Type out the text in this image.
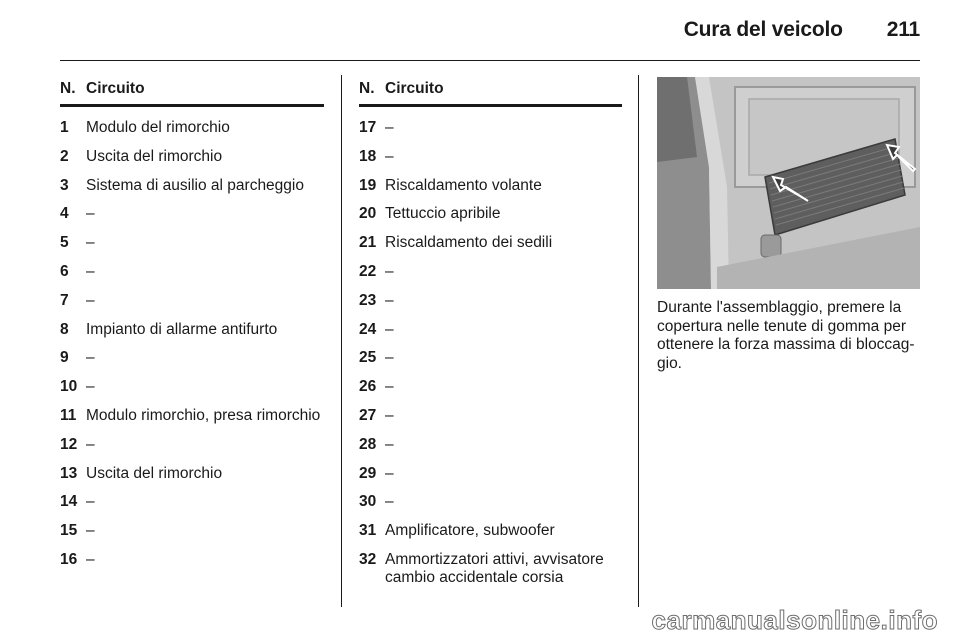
Cura del veicolo 211
N. Circuito
1	Modulo del rimorchio
2	Uscita del rimorchio
3	Sistema di ausilio al parcheggio
4	–
5	–
6	–
7	–
8	Impianto di allarme antifurto
9	–
10 –
11 Modulo rimorchio, presa rimorchio
12 –
13 Uscita del rimorchio
14 –
15 –
16 –
N. Circuito
17 –
18 –
19 Riscaldamento volante
20 Tettuccio apribile
21 Riscaldamento dei sedili
22 –
23 –
24 –
25 –
26 –
27 –
28 –
29 –
30 –
31 Amplificatore, subwoofer
32 Ammortizzatori attivi, avvisatore cambio accidentale corsia
Durante l'assemblaggio, premere la copertura nelle tenute di gomma per ottenere la forza massima di bloccag-gio.
carmanualsonline.info
